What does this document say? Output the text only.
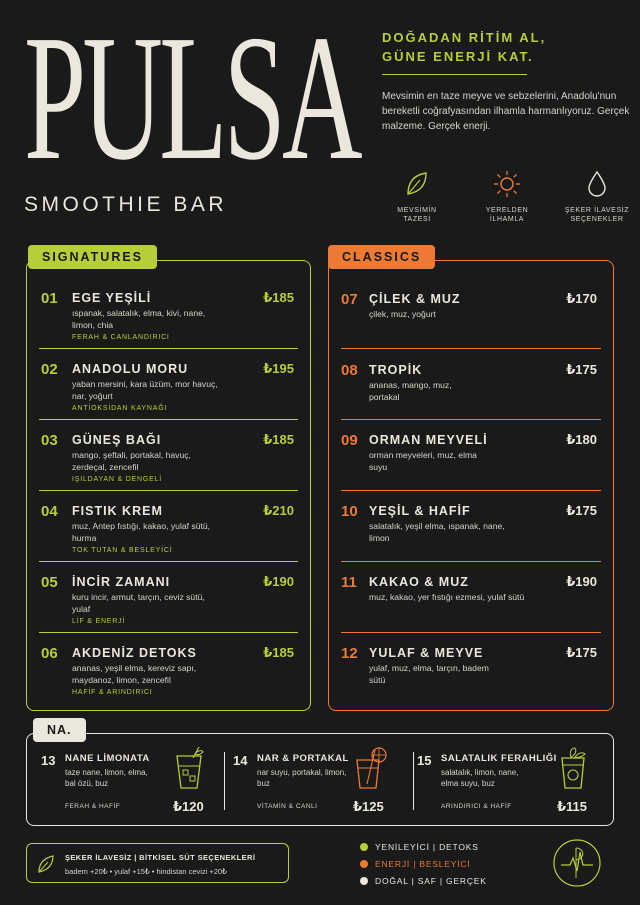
PULSA
SMOOTHIE BAR
DOĞADAN RİTİM AL,
GÜNE ENERJİ KAT.
Mevsimin en taze meyve ve sebzelerini, Anadolu'nun bereketli coğrafyasından ilhamla harmanlıyoruz. Gerçek malzeme. Gerçek enerji.
MEVSİMİN
TAZESİ
YERELDEN
İLHAMLA
ŞEKER İLAVESİZ
SEÇENEKLER
01 EGE YEŞİLİ	₺185
ıspanak, salatalık, elma, kivi, nane, limon, chia
FERAH & CANLANDIRICI
02 ANADOLU MORU	₺195
yaban mersini, kara üzüm, mor havuç, nar, yoğurt
ANTİOKSİDAN KAYNAĞI
03 GÜNEŞ BAĞI	₺185
mango, şeftali, portakal, havuç, zerdeçal, zencefil
IŞILDAYAN & DENGELİ
04 FISTIK KREM	₺210
muz, Antep fıstığı, kakao, yulaf sütü, hurma
TOK TUTAN & BESLEYİCİ
05 İNCİR ZAMANI	₺190
kuru incir, armut, tarçın, ceviz sütü, yulaf
LİF & ENERJİ
06 AKDENİZ DETOKS	₺185
ananas, yeşil elma, kereviz sapı, maydanoz, limon, zencefil
HAFİF & ARINDIRICI
SIGNATURES
07 ÇİLEK & MUZ	₺170
çilek, muz, yoğurt
08 TROPİK	₺175
ananas, mango, muz, portakal
09 ORMAN MEYVELİ	₺180
orman meyveleri, muz, elma suyu
10 YEŞİL & HAFİF	₺175
salatalık, yeşil elma, ıspanak, nane, limon
11 KAKAO & MUZ	₺190
muz, kakao, yer fıstığı ezmesi, yulaf sütü
12 YULAF & MEYVE	₺175
yulaf, muz, elma, tarçın, badem sütü
CLASSICS
13 NANE LİMONATA
taze nane, limon, elma, bal özü, buz
FERAH & HAFİF	₺120
14 NAR & PORTAKAL
nar suyu, portakal, limon, buz
VİTAMİN & CANLI	₺125
15 SALATALIK FERAHLIĞI
salatalık, limon, nane, elma suyu, buz
ARINDIRICI & HAFİF	₺115
NA.
ŞEKER İLAVESİZ | BİTKİSEL SÜT SEÇENEKLERİ
badem +20₺ • yulaf +15₺ • hindistan cevizi +20₺
YENİLEYİCİ | DETOKS
ENERJİ | BESLEYİCİ
DOĞAL | SAF | GERÇEK
